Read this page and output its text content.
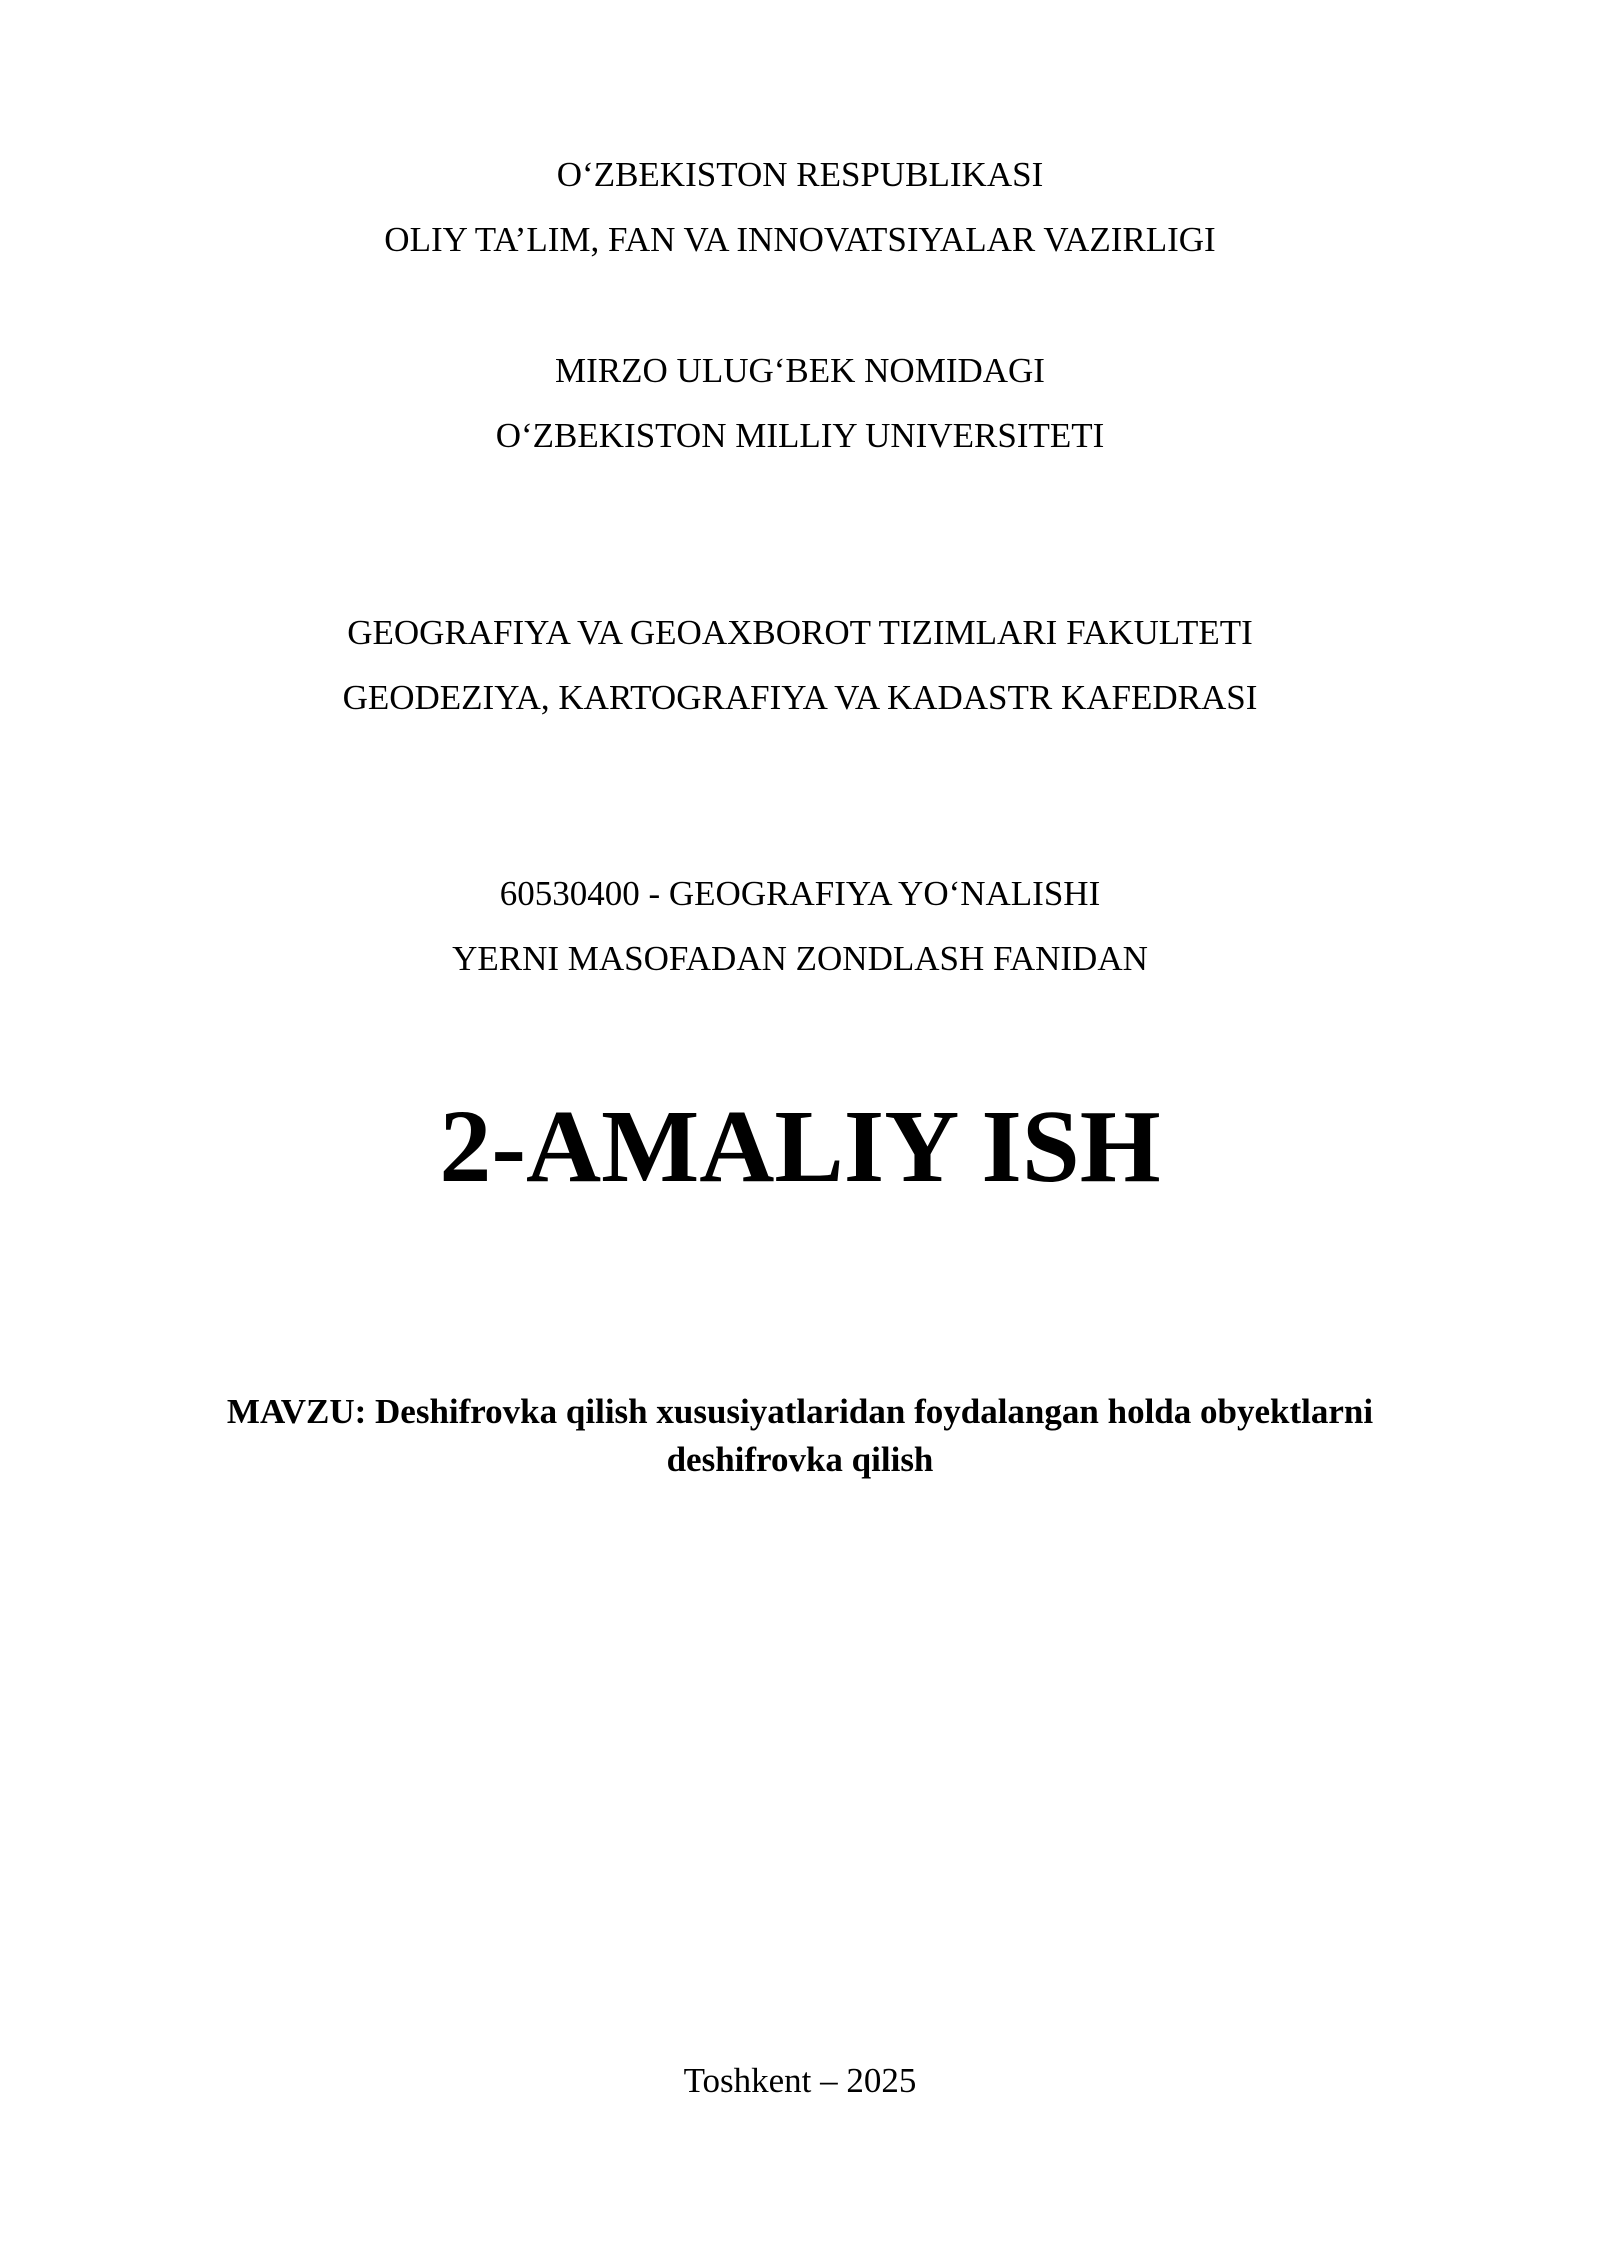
O‘ZBEKISTON RESPUBLIKASI
OLIY TA’LIM, FAN VA INNOVATSIYALAR VAZIRLIGI
MIRZO ULUG‘BEK NOMIDAGI
O‘ZBEKISTON MILLIY UNIVERSITETI
GEOGRAFIYA VA GEOAXBOROT TIZIMLARI FAKULTETI
GEODEZIYA, KARTOGRAFIYA VA KADASTR KAFEDRASI
60530400 - GEOGRAFIYA YO‘NALISHI
YERNI MASOFADAN ZONDLASH FANIDAN
2-AMALIY ISH
MAVZU: Deshifrovka qilish xususiyatlaridan foydalangan holda obyektlarni
deshifrovka qilish
Toshkent – 2025
